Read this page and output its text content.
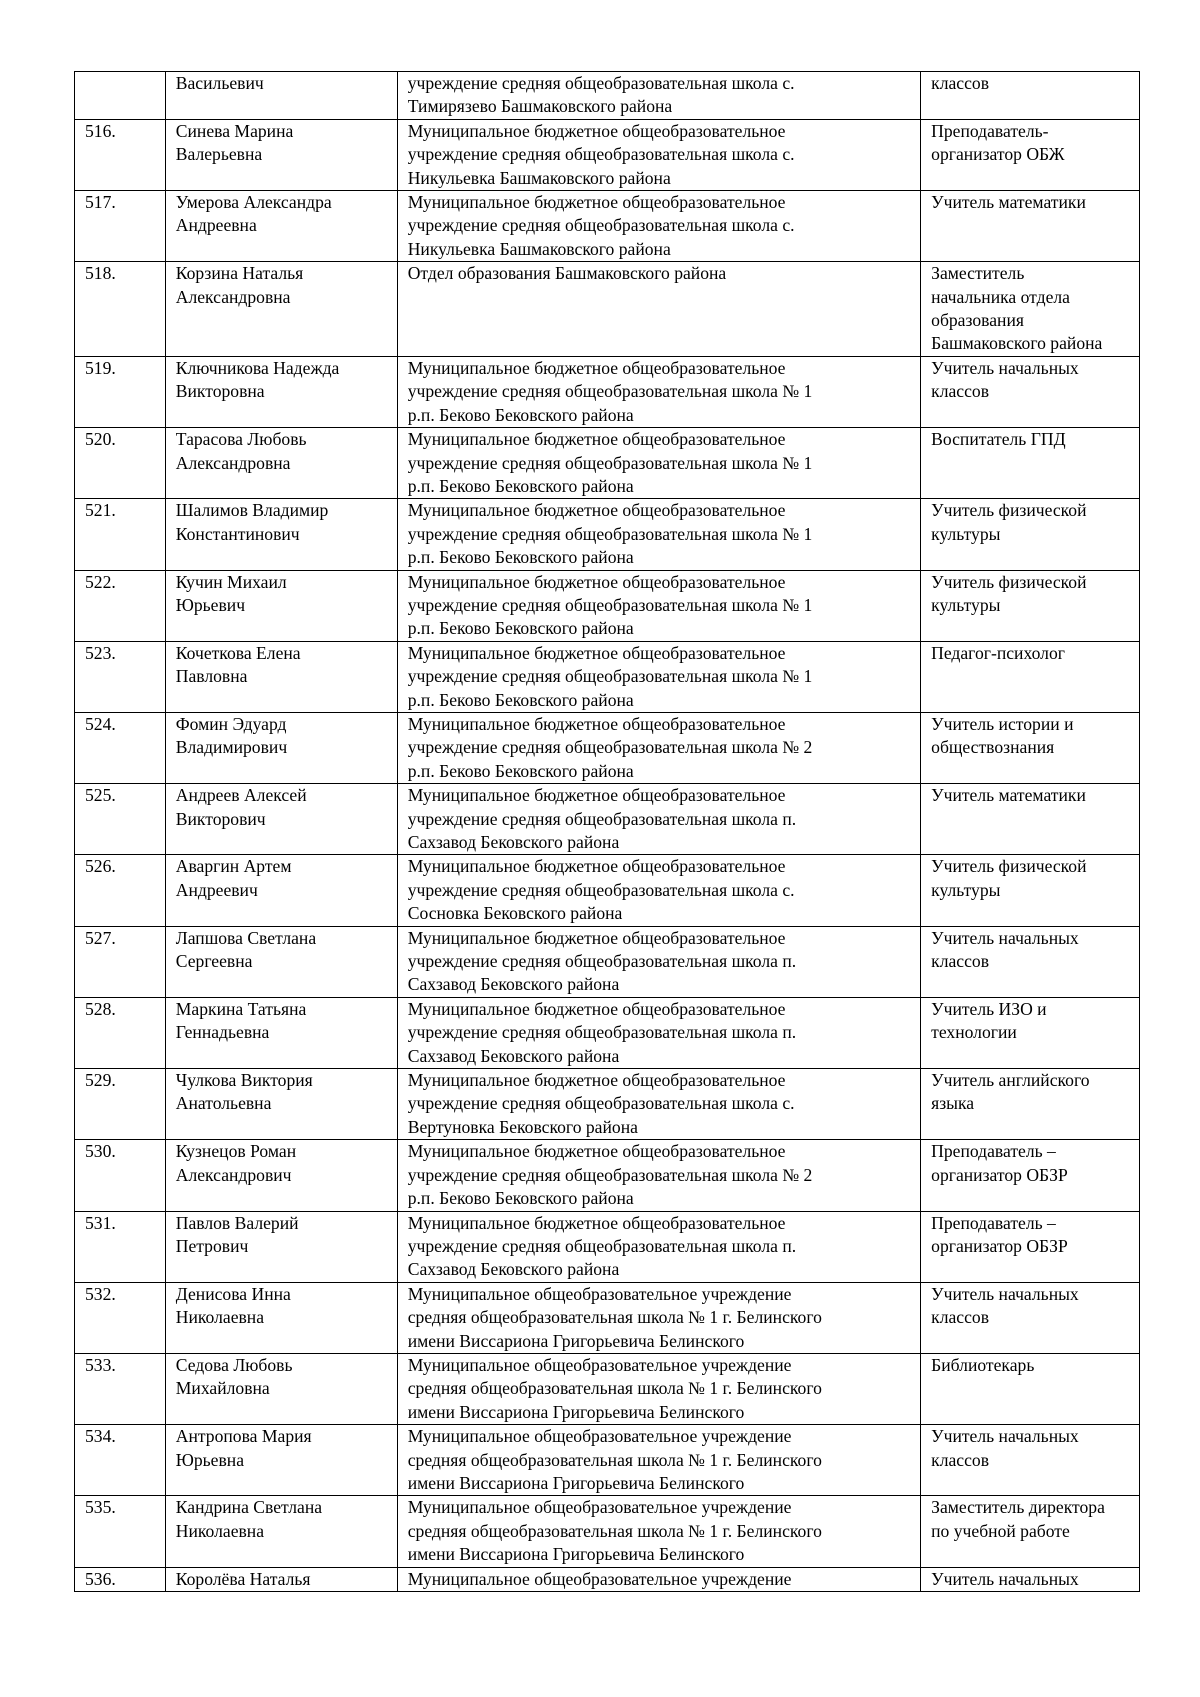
	Васильевич	учреждение средняя общеобразовательная школа с.
Тимирязево Башмаковского района	классов
516.	Синева Марина
Валерьевна	Муниципальное бюджетное общеобразовательное
учреждение средняя общеобразовательная школа с.
Никульевка Башмаковского района	Преподаватель-
организатор ОБЖ
517.	Умерова Александра
Андреевна	Муниципальное бюджетное общеобразовательное
учреждение средняя общеобразовательная школа с.
Никульевка Башмаковского района	Учитель математики
518.	Корзина Наталья
Александровна	Отдел образования Башмаковского района	Заместитель
начальника отдела
образования
Башмаковского района
519.	Ключникова Надежда
Викторовна	Муниципальное бюджетное общеобразовательное
учреждение средняя общеобразовательная школа № 1
р.п. Беково Бековского района	Учитель начальных
классов
520.	Тарасова Любовь
Александровна	Муниципальное бюджетное общеобразовательное
учреждение средняя общеобразовательная школа № 1
р.п. Беково Бековского района	Воспитатель ГПД
521.	Шалимов Владимир
Константинович	Муниципальное бюджетное общеобразовательное
учреждение средняя общеобразовательная школа № 1
р.п. Беково Бековского района	Учитель физической
культуры
522.	Кучин Михаил
Юрьевич	Муниципальное бюджетное общеобразовательное
учреждение средняя общеобразовательная школа № 1
р.п. Беково Бековского района	Учитель физической
культуры
523.	Кочеткова Елена
Павловна	Муниципальное бюджетное общеобразовательное
учреждение средняя общеобразовательная школа № 1
р.п. Беково Бековского района	Педагог-психолог
524.	Фомин Эдуард
Владимирович	Муниципальное бюджетное общеобразовательное
учреждение средняя общеобразовательная школа № 2
р.п. Беково Бековского района	Учитель истории и
обществознания
525.	Андреев Алексей
Викторович	Муниципальное бюджетное общеобразовательное
учреждение средняя общеобразовательная школа п.
Сахзавод Бековского района	Учитель математики
526.	Аваргин Артем
Андреевич	Муниципальное бюджетное общеобразовательное
учреждение средняя общеобразовательная школа с.
Сосновка Бековского района	Учитель физической
культуры
527.	Лапшова Светлана
Сергеевна	Муниципальное бюджетное общеобразовательное
учреждение средняя общеобразовательная школа п.
Сахзавод Бековского района	Учитель начальных
классов
528.	Маркина Татьяна
Геннадьевна	Муниципальное бюджетное общеобразовательное
учреждение средняя общеобразовательная школа п.
Сахзавод Бековского района	Учитель ИЗО и
технологии
529.	Чулкова Виктория
Анатольевна	Муниципальное бюджетное общеобразовательное
учреждение средняя общеобразовательная школа с.
Вертуновка Бековского района	Учитель английского
языка
530.	Кузнецов Роман
Александрович	Муниципальное бюджетное общеобразовательное
учреждение средняя общеобразовательная школа № 2
р.п. Беково Бековского района	Преподаватель –
организатор ОБЗР
531.	Павлов Валерий
Петрович	Муниципальное бюджетное общеобразовательное
учреждение средняя общеобразовательная школа п.
Сахзавод Бековского района	Преподаватель –
организатор ОБЗР
532.	Денисова Инна
Николаевна	Муниципальное общеобразовательное учреждение
средняя общеобразовательная школа № 1 г. Белинского
имени Виссариона Григорьевича Белинского	Учитель начальных
классов
533.	Седова Любовь
Михайловна	Муниципальное общеобразовательное учреждение
средняя общеобразовательная школа № 1 г. Белинского
имени Виссариона Григорьевича Белинского	Библиотекарь
534.	Антропова Мария
Юрьевна	Муниципальное общеобразовательное учреждение
средняя общеобразовательная школа № 1 г. Белинского
имени Виссариона Григорьевича Белинского	Учитель начальных
классов
535.	Кандрина Светлана
Николаевна	Муниципальное общеобразовательное учреждение
средняя общеобразовательная школа № 1 г. Белинского
имени Виссариона Григорьевича Белинского	Заместитель директора
по учебной работе
536.	Королёва Наталья	Муниципальное общеобразовательное учреждение	Учитель начальных
